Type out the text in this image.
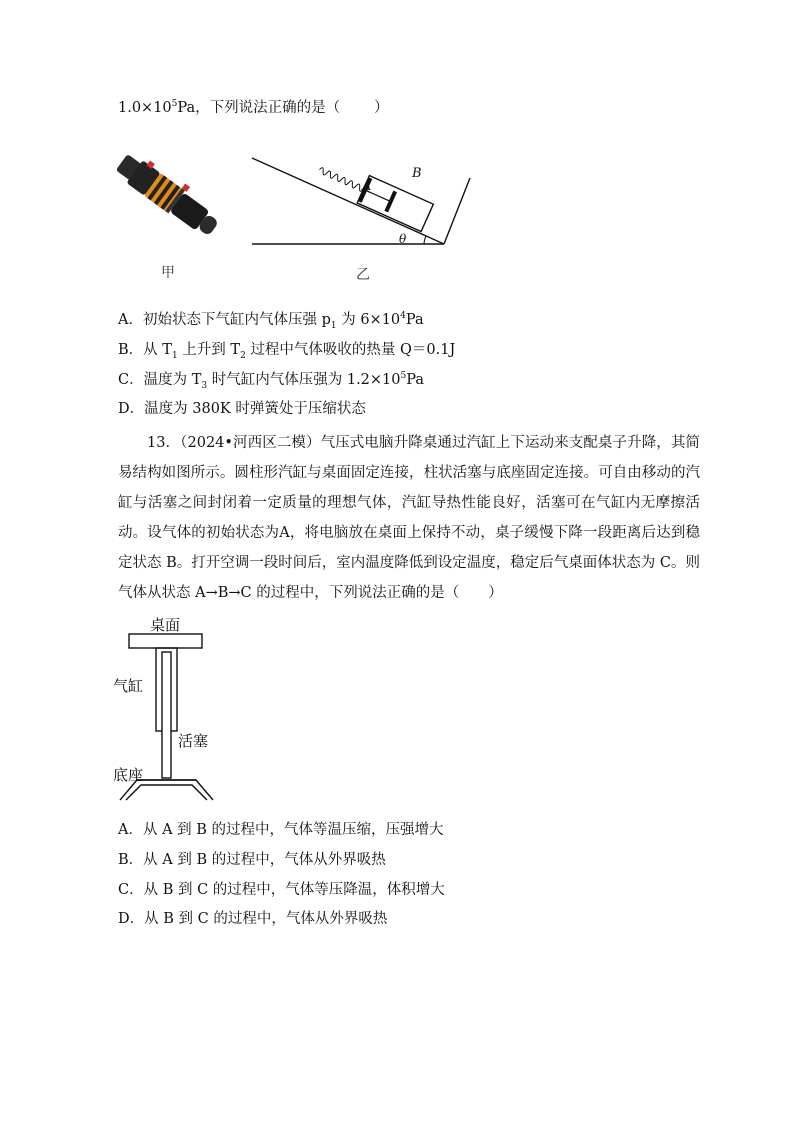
$1.0\times 10^5Pa$，下列说法正确的是（ ）
甲
A
B
θ
乙
A．初始状态下气缸内气体压强 $p_1$ 为 $6\times 10^4Pa$
B．从 $T_1$ 上升到 $T_2$ 过程中气体吸收的热量 Q＝0.1J
C．温度为 $T_3$ 时气缸内气体压强为 $1.2\times 10^5Pa$
D．温度为 380K 时弹簧处于压缩状态
13．（2024•河西区二模）气压式电脑升降桌通过汽缸上下运动来支配桌子升降，其简易结构如图所示。圆柱形汽缸与桌面固定连接，柱状活塞与底座固定连接。可自由移动的汽缸与活塞之间封闭着一定质量的理想气体，汽缸导热性能良好，活塞可在气缸内无摩擦活动。设气体的初始状态为A，将电脑放在桌面上保持不动，桌子缓慢下降一段距离后达到稳定状态 B。打开空调一段时间后，室内温度降低到设定温度，稳定后气桌面体状态为 C。则气体从状态 A→B→C 的过程中，下列说法正确的是（　　）
桌面
气缸
活塞
底座
A．从 A 到 B 的过程中，气体等温压缩，压强增大
B．从 A 到 B 的过程中，气体从外界吸热
C．从 B 到 C 的过程中，气体等压降温，体积增大
D．从 B 到 C 的过程中，气体从外界吸热
